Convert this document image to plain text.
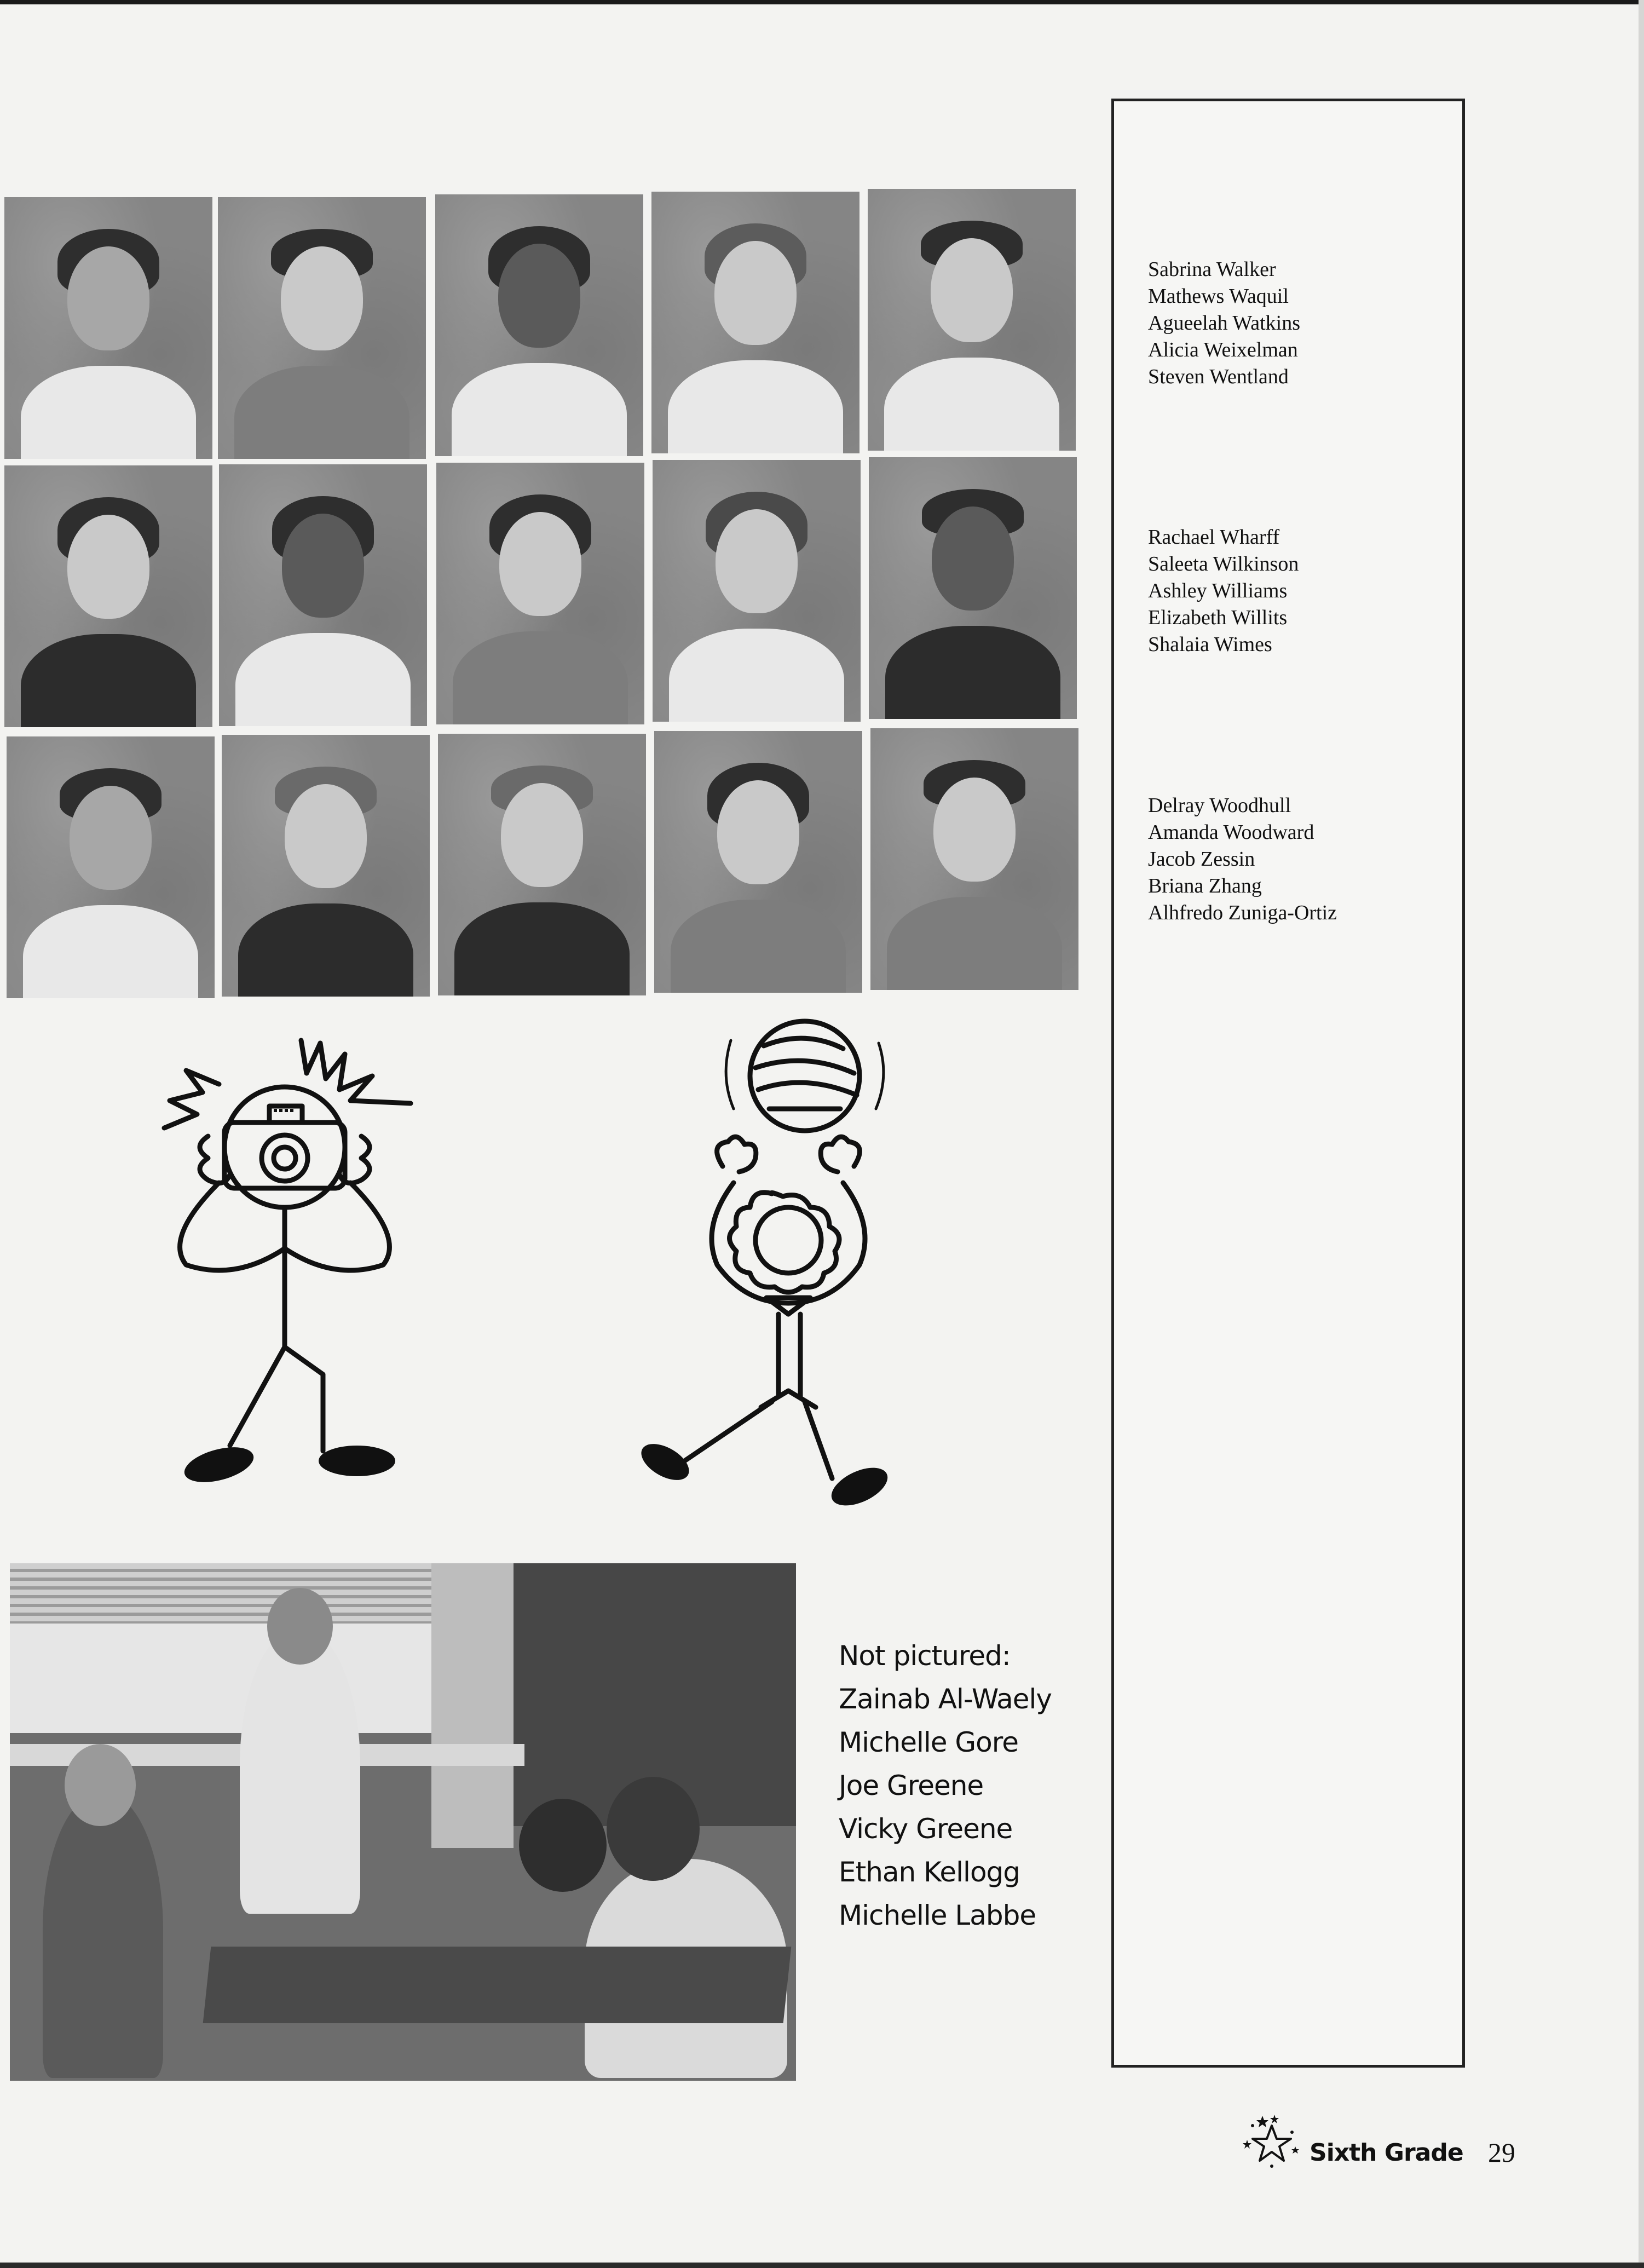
Sabrina Walker
Mathews Waquil
Agueelah Watkins
Alicia Weixelman
Steven Wentland
Rachael Wharff
Saleeta Wilkinson
Ashley Williams
Elizabeth Willits
Shalaia Wimes
Delray Woodhull
Amanda Woodward
Jacob Zessin
Briana Zhang
Alhfredo Zuniga-Ortiz
Not pictured:
Zainab Al-Waely
Michelle Gore
Joe Greene
Vicky Greene
Ethan Kellogg
Michelle Labbe
Sixth Grade 29
